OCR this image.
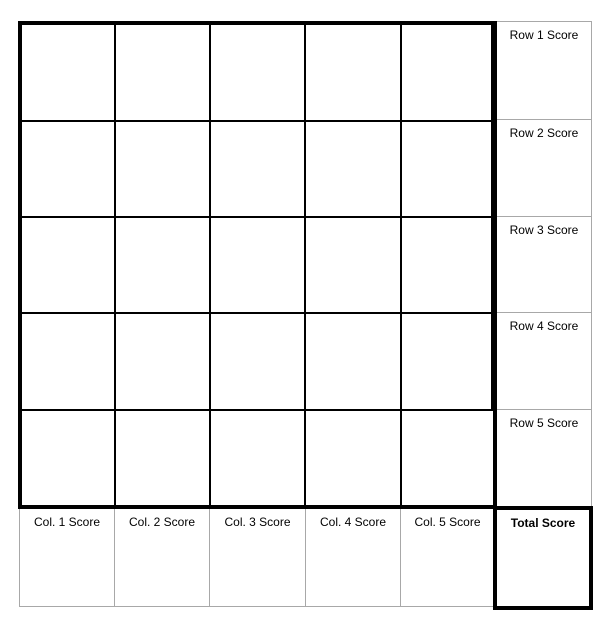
Row 1 Score
Row 2 Score
Row 3 Score
Row 4 Score
Row 5 Score
Col. 1 Score	Col. 2 Score	Col. 3 Score	Col. 4 Score	Col. 5 Score	Total Score
